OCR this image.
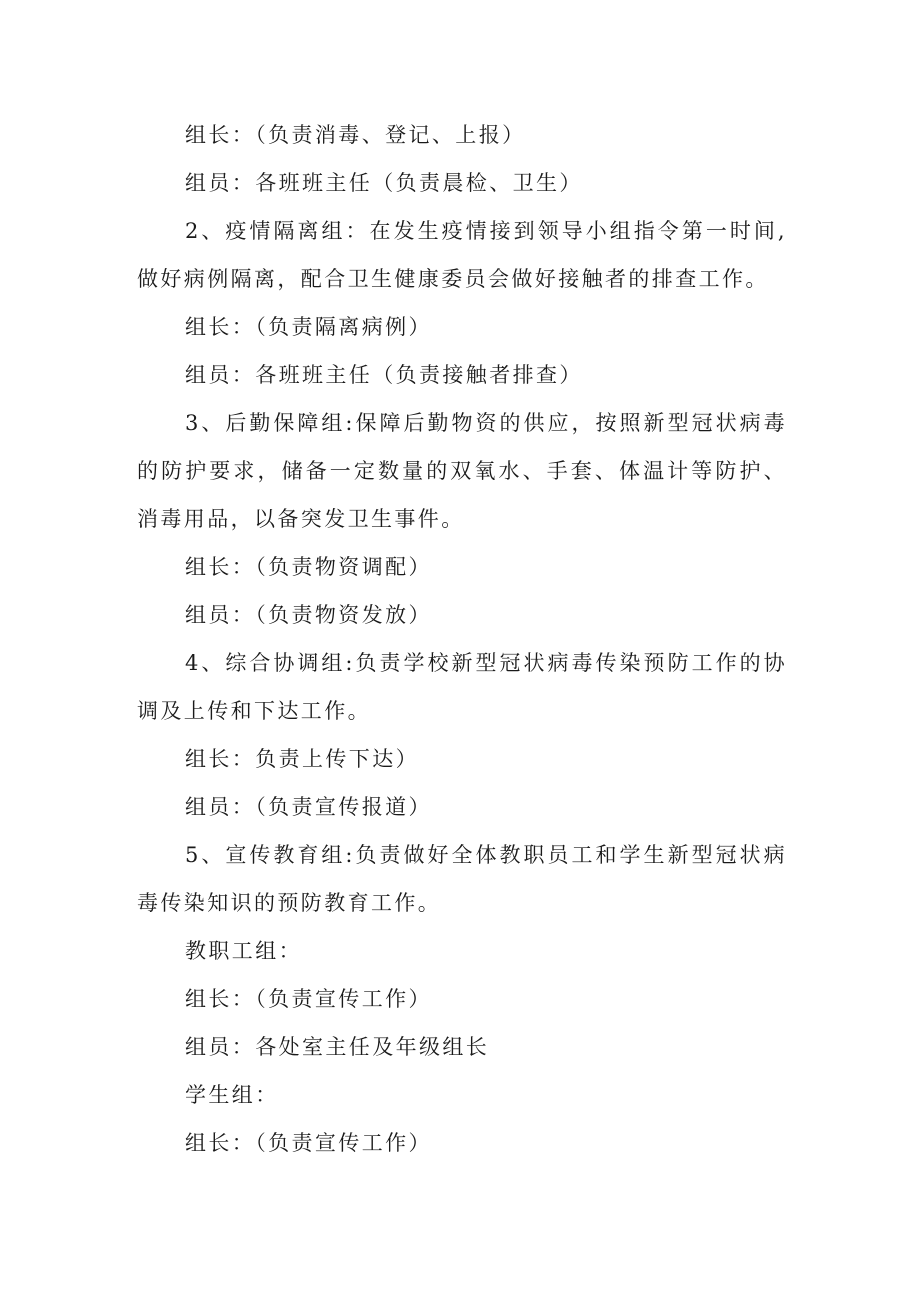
组长：（负责消毒、登记、上报）

组员：各班班主任（负责晨检、卫生）

2、疫情隔离组：在发生疫情接到领导小组指令第一时间,做好病例隔离，配合卫生健康委员会做好接触者的排查工作。

组长：（负责隔离病例）

组员：各班班主任（负责接触者排查）

3、后勤保障组:保障后勤物资的供应，按照新型冠状病毒的防护要求，储备一定数量的双氧水、手套、体温计等防护、消毒用品，以备突发卫生事件。

组长：（负责物资调配）

组员：（负责物资发放）

4、综合协调组:负责学校新型冠状病毒传染预防工作的协调及上传和下达工作。

组长：负责上传下达）

组员：（负责宣传报道）

5、宣传教育组:负责做好全体教职员工和学生新型冠状病毒传染知识的预防教育工作。

教职工组：

组长：（负责宣传工作）

组员：各处室主任及年级组长

学生组：

组长：（负责宣传工作）
